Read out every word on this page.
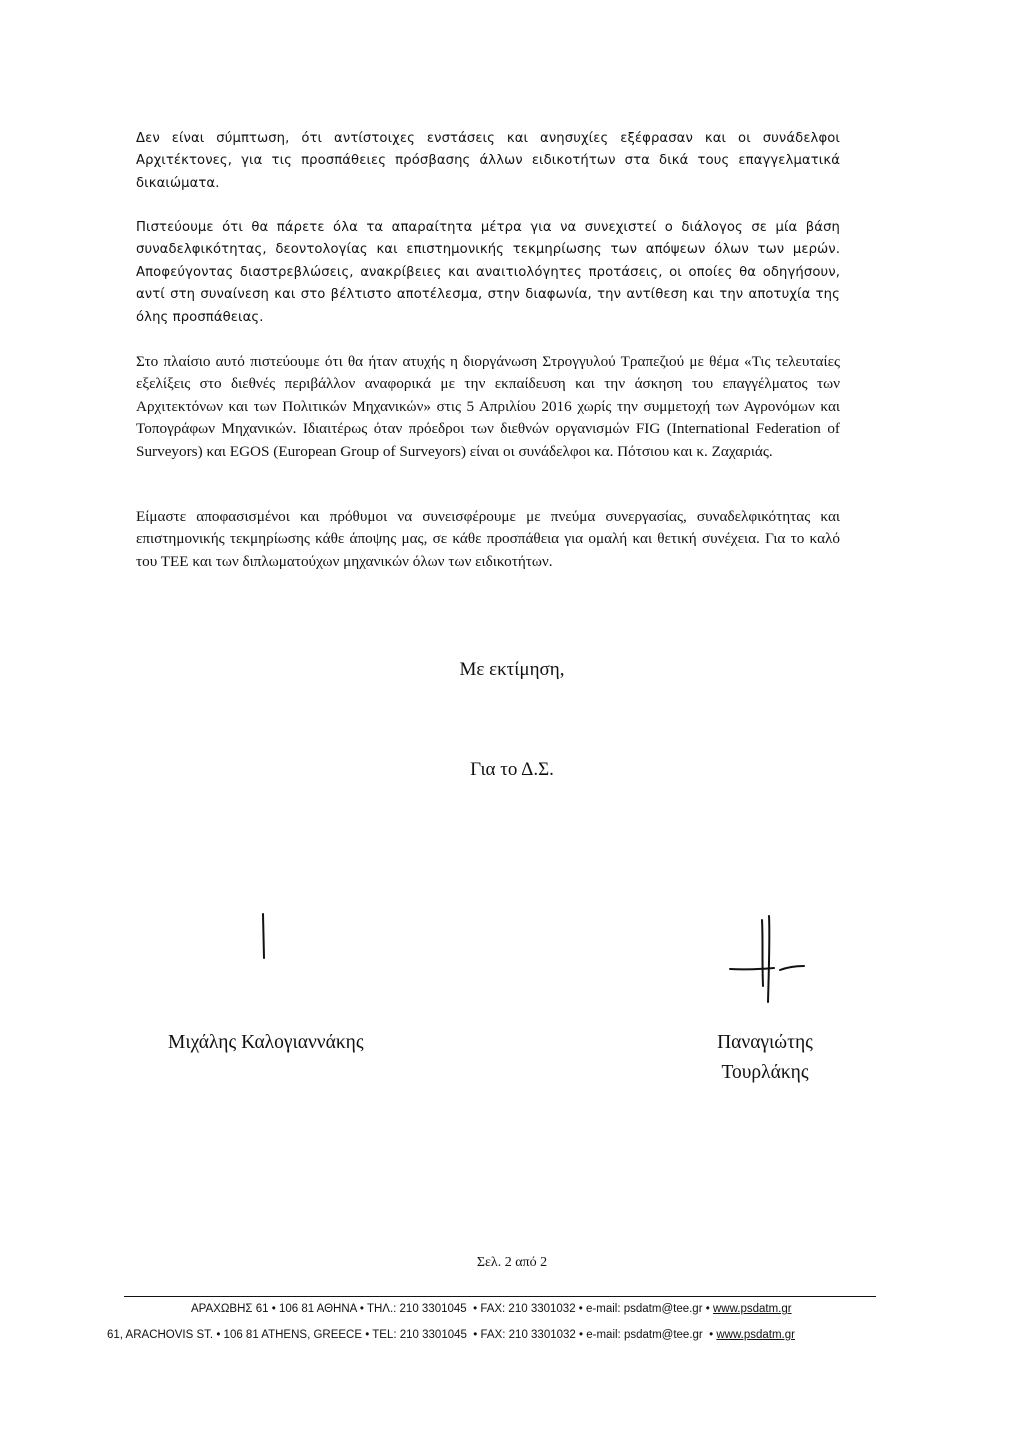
Δεν είναι σύμπτωση, ότι αντίστοιχες ενστάσεις και ανησυχίες εξέφρασαν και οι συνάδελφοι Αρχιτέκτονες, για τις προσπάθειες πρόσβασης άλλων ειδικοτήτων στα δικά τους επαγγελματικά δικαιώματα.

Πιστεύουμε ότι θα πάρετε όλα τα απαραίτητα μέτρα για να συνεχιστεί ο διάλογος σε μία βάση συναδελφικότητας, δεοντολογίας και επιστημονικής τεκμηρίωσης των απόψεων όλων των μερών. Αποφεύγοντας διαστρεβλώσεις, ανακρίβειες και αναιτιολόγητες προτάσεις, οι οποίες θα οδηγήσουν, αντί στη συναίνεση και στο βέλτιστο αποτέλεσμα, στην διαφωνία, την αντίθεση και την αποτυχία της όλης προσπάθειας.

Στο πλαίσιο αυτό πιστεύουμε ότι θα ήταν ατυχής η διοργάνωση Στρογγυλού Τραπεζιού με θέμα «Τις τελευταίες εξελίξεις στο διεθνές περιβάλλον αναφορικά με την εκπαίδευση και την άσκηση του επαγγέλματος των Αρχιτεκτόνων και των Πολιτικών Μηχανικών» στις 5 Απριλίου 2016 χωρίς την συμμετοχή των Αγρονόμων και Τοπογράφων Μηχανικών. Ιδιαιτέρως όταν πρόεδροι των διεθνών οργανισμών FIG (International Federation of Surveyors) και EGOS (European Group of Surveyors) είναι οι συνάδελφοι κα. Πότσιου και κ. Ζαχαριάς.

Είμαστε αποφασισμένοι και πρόθυμοι να συνεισφέρουμε με πνεύμα συνεργασίας, συναδελφικότητας και επιστημονικής τεκμηρίωσης κάθε άποψης μας, σε κάθε προσπάθεια για ομαλή και θετική συνέχεια. Για το καλό του ΤΕΕ και των διπλωματούχων μηχανικών όλων των ειδικοτήτων.

Με εκτίμηση,
Για το Δ.Σ.
Μιχάλης Καλογιαννάκης	Παναγιώτης
Τουρλάκης
Σελ. 2 από 2
ΑΡΑΧΩΒΗΣ 61 • 106 81 ΑΘΗΝΑ • ΤΗΛ.: 210 3301045 • FAX: 210 3301032 • e-mail: psdatm@tee.gr • www.psdatm.gr
61, ARACHOVIS ST. • 106 81 ATHENS, GREECE • TEL: 210 3301045 • FAX: 210 3301032 • e-mail: psdatm@tee.gr • www.psdatm.gr
